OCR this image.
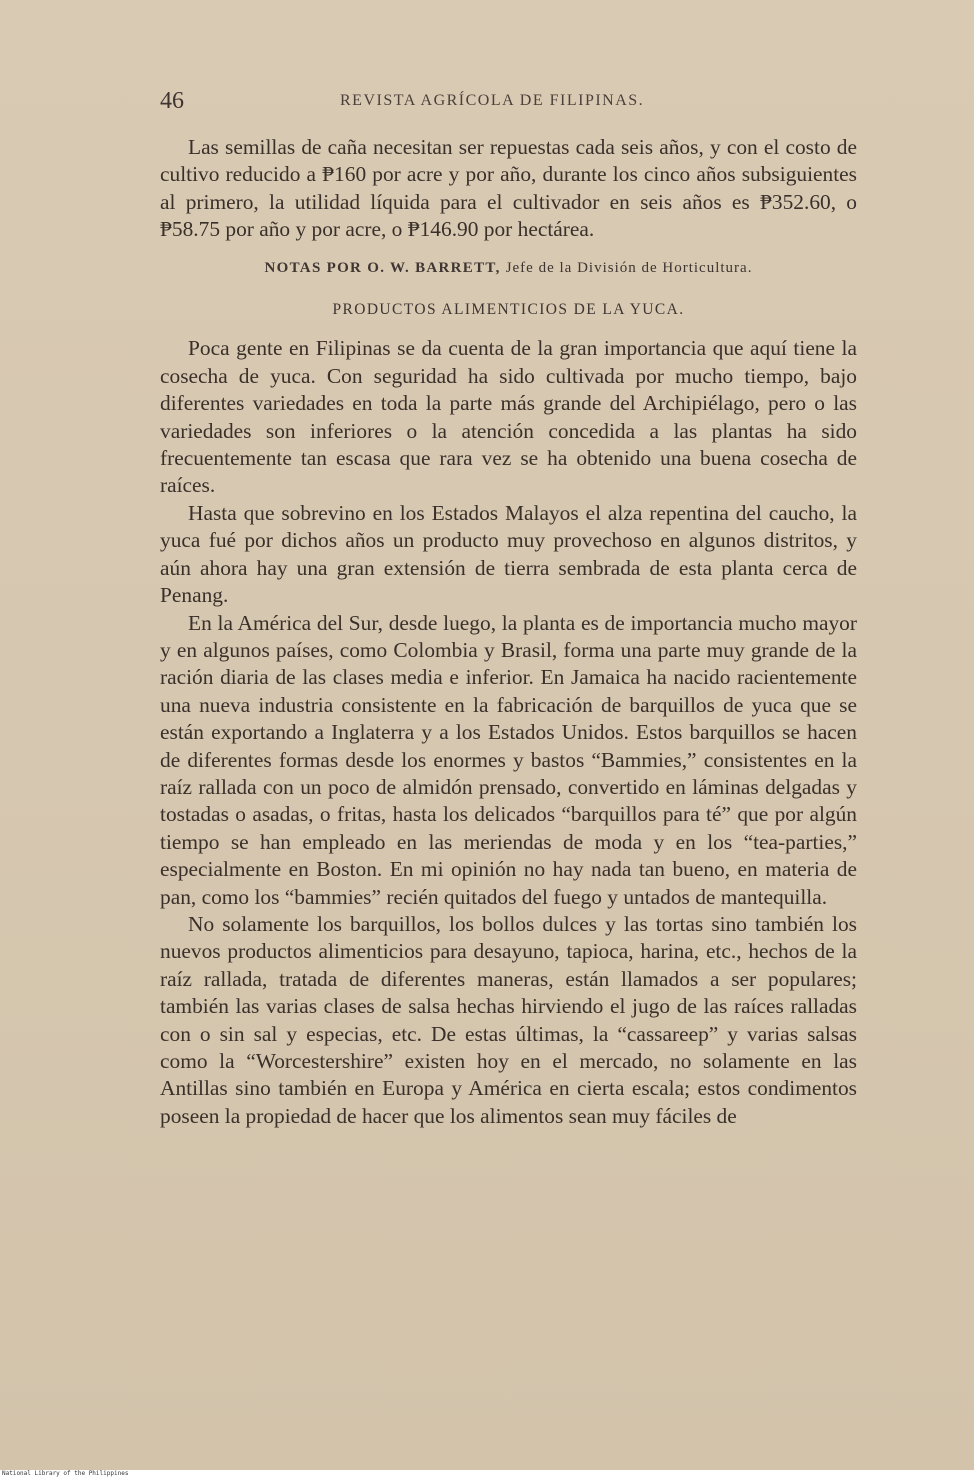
46	REVISTA AGRÍCOLA DE FILIPINAS.

Las semillas de caña necesitan ser repuestas cada seis años, y con el costo de cultivo reducido a ₱160 por acre y por año, durante los cinco años subsiguientes al primero, la utilidad líquida para el cultivador en seis años es ₱352.60, o ₱58.75 por año y por acre, o ₱146.90 por hectárea.

NOTAS POR O. W. BARRETT, Jefe de la División de Horticultura.
PRODUCTOS ALIMENTICIOS DE LA YUCA.

Poca gente en Filipinas se da cuenta de la gran importancia que aquí tiene la cosecha de yuca. Con seguridad ha sido cultivada por mucho tiempo, bajo diferentes variedades en toda la parte más grande del Archipiélago, pero o las variedades son inferiores o la atención concedida a las plantas ha sido frecuentemente tan escasa que rara vez se ha obtenido una buena cosecha de raíces.

Hasta que sobrevino en los Estados Malayos el alza repentina del caucho, la yuca fué por dichos años un producto muy provechoso en algunos distritos, y aún ahora hay una gran extensión de tierra sembrada de esta planta cerca de Penang.

En la América del Sur, desde luego, la planta es de importancia mucho mayor y en algunos países, como Colombia y Brasil, forma una parte muy grande de la ración diaria de las clases media e inferior. En Jamaica ha nacido racientemente una nueva industria consistente en la fabricación de barquillos de yuca que se están exportando a Inglaterra y a los Estados Unidos. Estos barquillos se hacen de diferentes formas desde los enormes y bastos “Bammies,” consistentes en la raíz rallada con un poco de almidón prensado, convertido en láminas delgadas y tostadas o asadas, o fritas, hasta los delicados “barquillos para té” que por algún tiempo se han empleado en las meriendas de moda y en los “tea-parties,” especialmente en Boston. En mi opinión no hay nada tan bueno, en materia de pan, como los “bammies” recién quitados del fuego y untados de mantequilla.

No solamente los barquillos, los bollos dulces y las tortas sino también los nuevos productos alimenticios para desayuno, tapioca, harina, etc., hechos de la raíz rallada, tratada de diferentes maneras, están llamados a ser populares; también las varias clases de salsa hechas hirviendo el jugo de las raíces ralladas con o sin sal y especias, etc. De estas últimas, la “cassareep” y varias salsas como la “Worcestershire” existen hoy en el mercado, no solamente en las Antillas sino también en Europa y América en cierta escala; estos condimentos poseen la propiedad de hacer que los alimentos sean muy fáciles de

National Library of the Philippines
